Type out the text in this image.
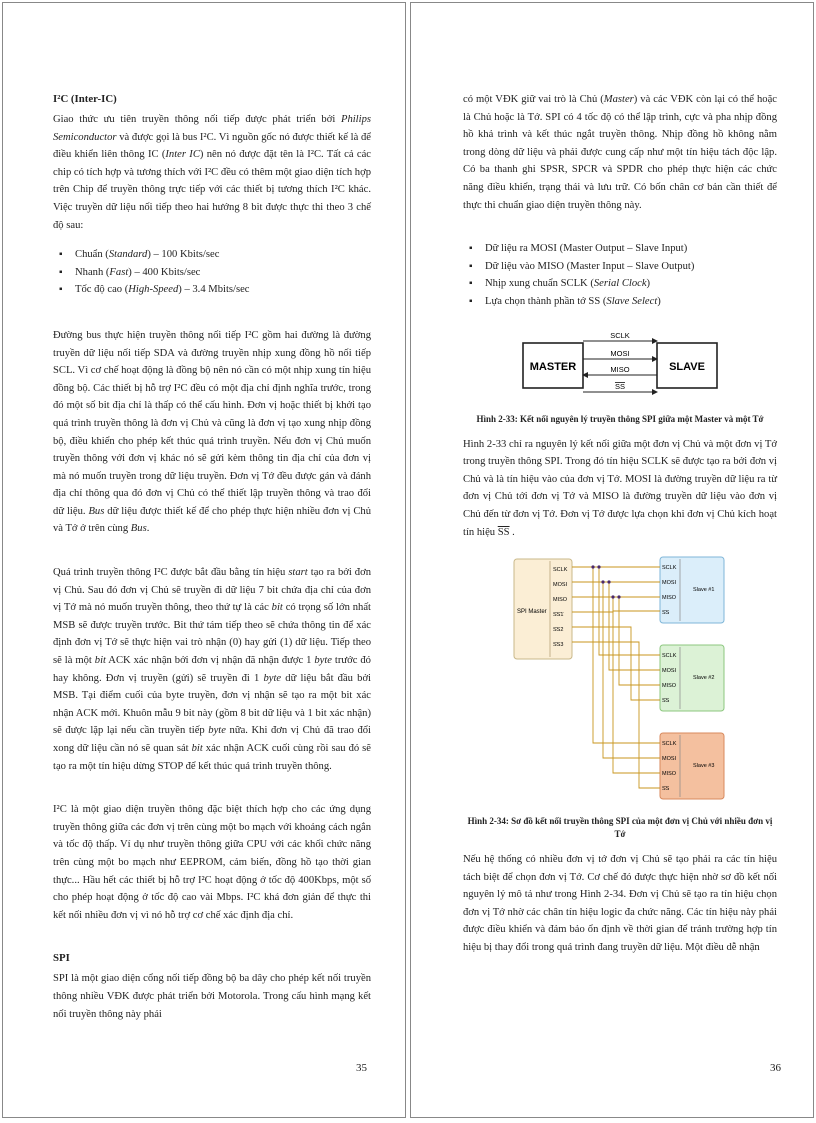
I²C (Inter-IC)

Giao thức ưu tiên truyền thông nối tiếp được phát triển bởi Philips Semiconductor và được gọi là bus I²C. Vì nguồn gốc nó được thiết kế là để điều khiển liên thông IC (Inter IC) nên nó được đặt tên là I²C. Tất cả các chip có tích hợp và tương thích với I²C đều có thêm một giao diện tích hợp trên Chip để truyền thông trực tiếp với các thiết bị tương thích I²C khác. Việc truyền dữ liệu nối tiếp theo hai hướng 8 bit được thực thi theo 3 chế độ sau:

▪ Chuẩn (Standard) – 100 Kbits/sec
▪ Nhanh (Fast) – 400 Kbits/sec
▪ Tốc độ cao (High-Speed) – 3.4 Mbits/sec

Đường bus thực hiện truyền thông nối tiếp I²C gồm hai đường là đường truyền dữ liệu nối tiếp SDA và đường truyền nhịp xung đồng hồ nối tiếp SCL. Vì cơ chế hoạt động là đồng bộ nên nó cần có một nhịp xung tín hiệu đồng bộ. Các thiết bị hỗ trợ I²C đều có một địa chỉ định nghĩa trước, trong đó một số bit địa chỉ là thấp có thể cấu hình. Đơn vị hoặc thiết bị khởi tạo quá trình truyền thông là đơn vị Chủ và cũng là đơn vị tạo xung nhịp đồng bộ, điều khiển cho phép kết thúc quá trình truyền. Nếu đơn vị Chủ muốn truyền thông với đơn vị khác nó sẽ gửi kèm thông tin địa chỉ của đơn vị mà nó muốn truyền trong dữ liệu truyền. Đơn vị Tớ đều được gán và đánh địa chỉ thông qua đó đơn vị Chủ có thể thiết lập truyền thông và trao đổi dữ liệu. Bus dữ liệu được thiết kế để cho phép thực hiện nhiều đơn vị Chủ và Tớ ở trên cùng Bus.

Quá trình truyền thông I²C được bắt đầu bằng tín hiệu start tạo ra bởi đơn vị Chủ. Sau đó đơn vị Chủ sẽ truyền đi dữ liệu 7 bit chứa địa chỉ của đơn vị Tớ mà nó muốn truyền thông, theo thứ tự là các bit có trọng số lớn nhất MSB sẽ được truyền trước. Bit thứ tám tiếp theo sẽ chứa thông tin để xác định đơn vị Tớ sẽ thực hiện vai trò nhận (0) hay gửi (1) dữ liệu. Tiếp theo sẽ là một bit ACK xác nhận bởi đơn vị nhận đã nhận được 1 byte trước đó hay không. Đơn vị truyền (gửi) sẽ truyền đi 1 byte dữ liệu bắt đầu bởi MSB. Tại điểm cuối của byte truyền, đơn vị nhận sẽ tạo ra một bit xác nhận ACK mới. Khuôn mẫu 9 bit này (gồm 8 bit dữ liệu và 1 bit xác nhận) sẽ được lặp lại nếu cần truyền tiếp byte nữa. Khi đơn vị Chủ đã trao đổi xong dữ liệu cần nó sẽ quan sát bit xác nhận ACK cuối cùng rồi sau đó sẽ tạo ra một tín hiệu dừng STOP để kết thúc quá trình truyền thông.

I²C là một giao diện truyền thông đặc biệt thích hợp cho các ứng dụng truyền thông giữa các đơn vị trên cùng một bo mạch với khoảng cách ngắn và tốc độ thấp. Ví dụ như truyền thông giữa CPU với các khối chức năng trên cùng một bo mạch như EEPROM, cảm biến, đồng hồ tạo thời gian thực... Hầu hết các thiết bị hỗ trợ I²C hoạt động ở tốc độ 400Kbps, một số cho phép hoạt động ở tốc độ cao vài Mbps. I²C khá đơn giản để thực thi kết nối nhiều đơn vị vì nó hỗ trợ cơ chế xác định địa chỉ.

SPI

SPI là một giao diện cổng nối tiếp đồng bộ ba dây cho phép kết nối truyền thông nhiều VĐK được phát triển bởi Motorola. Trong cấu hình mạng kết nối truyền thông này phải

35

có một VĐK giữ vai trò là Chủ (Master) và các VĐK còn lại có thể hoặc là Chủ hoặc là Tớ. SPI có 4 tốc độ có thể lập trình, cực và pha nhịp đồng hồ khả trình và kết thúc ngắt truyền thông. Nhịp đồng hồ không nằm trong dòng dữ liệu và phải được cung cấp như một tín hiệu tách độc lập. Có ba thanh ghi SPSR, SPCR và SPDR cho phép thực hiện các chức năng điều khiển, trạng thái và lưu trữ. Có bốn chân cơ bản cần thiết để thực thi chuẩn giao diện truyền thông này.

▪ Dữ liệu ra MOSI (Master Output – Slave Input)
▪ Dữ liệu vào MISO (Master Input – Slave Output)
▪ Nhịp xung chuẩn SCLK (Serial Clock)
▪ Lựa chọn thành phần tớ SS (Slave Select)
MASTER	SLAVE
SCLK
MOSI
MISO
SS
Hình 2-33: Kết nối nguyên lý truyền thông SPI giữa một Master và một Tớ

Hình 2-33 chỉ ra nguyên lý kết nối giữa một đơn vị Chủ và một đơn vị Tớ trong truyền thông SPI. Trong đó tín hiệu SCLK sẽ được tạo ra bởi đơn vị Chủ và là tín hiệu vào của đơn vị Tớ. MOSI là đường truyền dữ liệu ra từ đơn vị Chủ tới đơn vị Tớ và MISO là đường truyền dữ liệu vào đơn vị Chủ đến từ đơn vị Tớ. Đơn vị Tớ được lựa chọn khi đơn vị Chủ kích hoạt tín hiệu $\overline{SS}$ .

SPI Master
SCLK
MOSI
MISO
SS1
SS2
SS3
Slave #1
Slave #2
Slave #3
SCLK
MOSI
MISO
SS
SCLK
MOSI
MISO
SS
SCLK
MOSI
MISO
SS
Hình 2-34: Sơ đồ kết nối truyền thông SPI của một đơn vị Chủ với nhiều đơn vị Tớ

Nếu hệ thống có nhiều đơn vị tớ đơn vị Chủ sẽ tạo phải ra các tín hiệu tách biệt để chọn đơn vị Tớ. Cơ chế đó được thực hiện nhờ sơ đồ kết nối nguyên lý mô tả như trong Hình 2-34. Đơn vị Chủ sẽ tạo ra tín hiệu chọn đơn vị Tớ nhờ các chân tín hiệu logic đa chức năng. Các tín hiệu này phải được điều khiển và đảm bảo ổn định về thời gian để tránh trường hợp tín hiệu bị thay đổi trong quá trình đang truyền dữ liệu. Một điều dễ nhận

36
